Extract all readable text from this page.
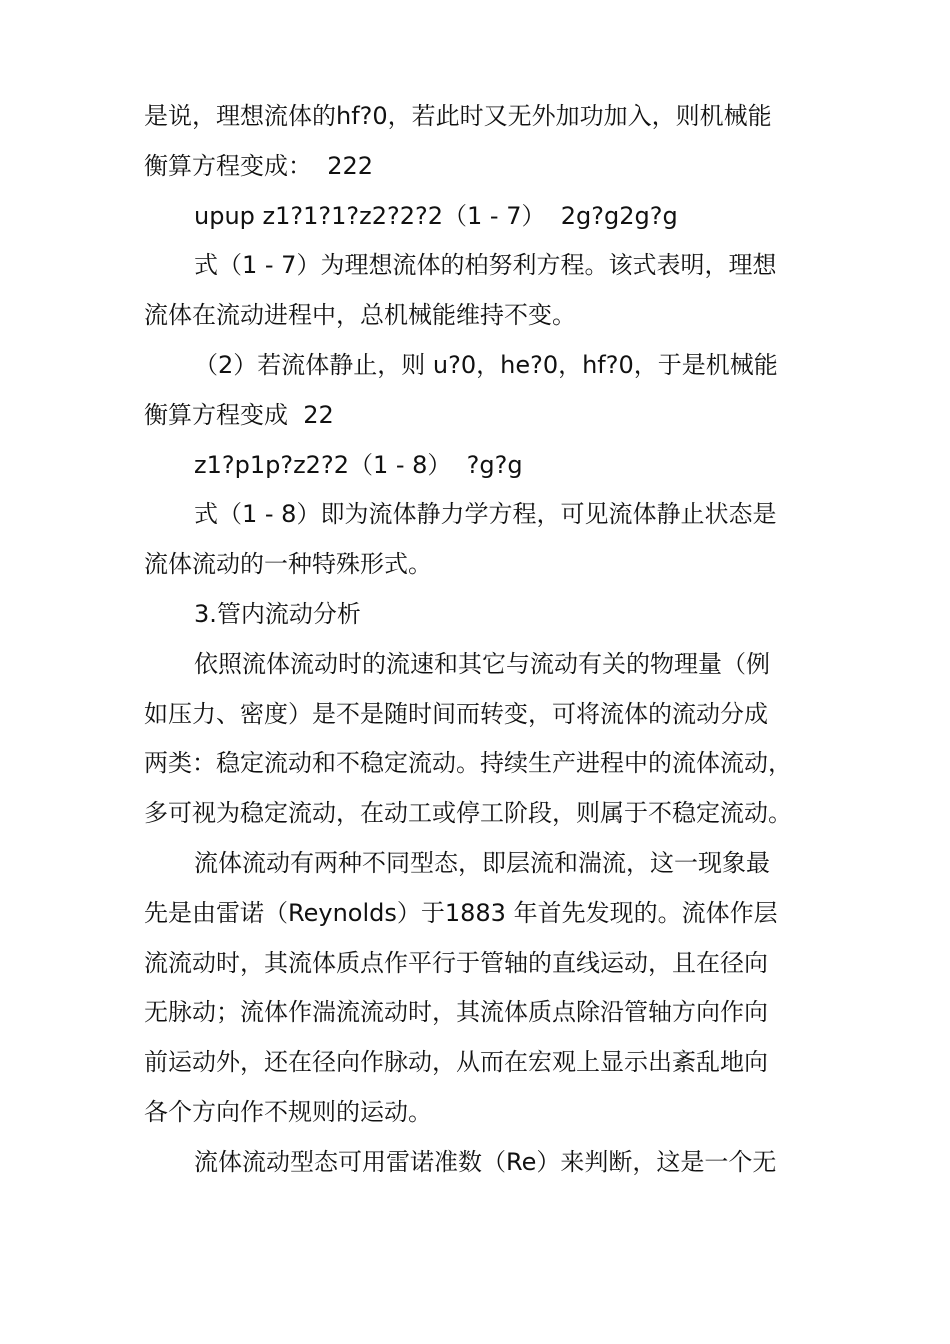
是说，理想流体的hf?0，若此时又无外加功加入，则机械能
衡算方程变成：  222
upup z1?1?1?z2?2?2（1 - 7）  2g?g2g?g
式（1 - 7）为理想流体的柏努利方程。该式表明，理想
流体在流动进程中，总机械能维持不变。
（2）若流体静止，则 u?0，he?0，hf?0，于是机械能
衡算方程变成  22
z1?p1p?z2?2（1 - 8）  ?g?g
式（1 - 8）即为流体静力学方程，可见流体静止状态是
流体流动的一种特殊形式。
3.管内流动分析
依照流体流动时的流速和其它与流动有关的物理量（例
如压力、密度）是不是随时间而转变，可将流体的流动分成
两类：稳定流动和不稳定流动。持续生产进程中的流体流动，
多可视为稳定流动，在动工或停工阶段，则属于不稳定流动。
流体流动有两种不同型态，即层流和湍流，这一现象最
先是由雷诺（Reynolds）于1883 年首先发现的。流体作层
流流动时，其流体质点作平行于管轴的直线运动，且在径向
无脉动；流体作湍流流动时，其流体质点除沿管轴方向作向
前运动外，还在径向作脉动，从而在宏观上显示出紊乱地向
各个方向作不规则的运动。
流体流动型态可用雷诺准数（Re）来判断，这是一个无
